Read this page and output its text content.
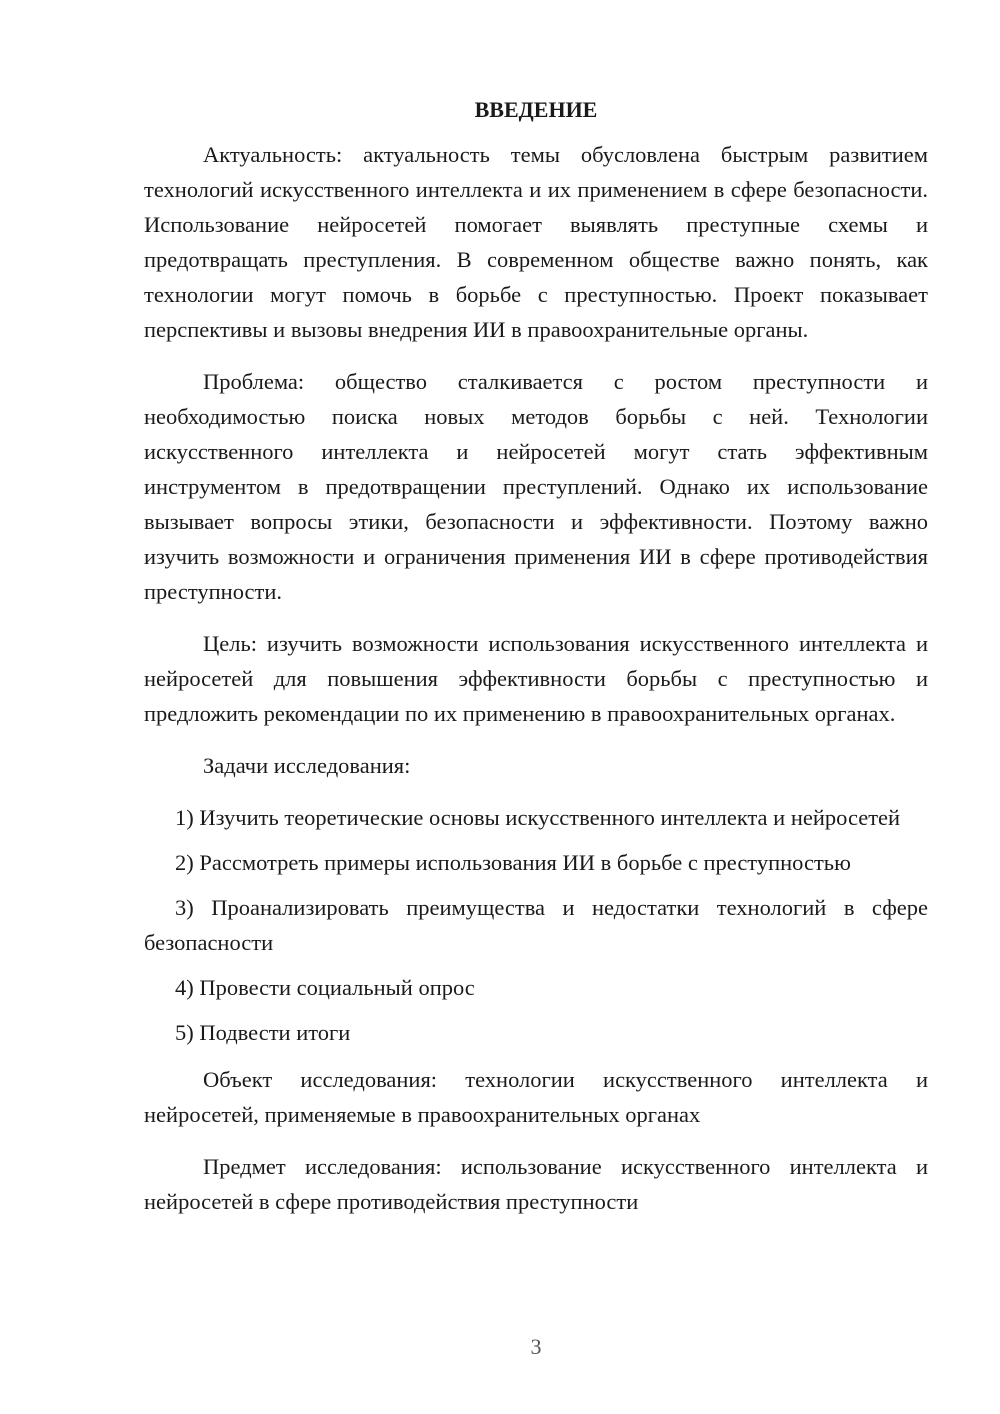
ВВЕДЕНИЕ

Актуальность: актуальность темы обусловлена быстрым развитием технологий искусственного интеллекта и их применением в сфере безопасности. Использование нейросетей помогает выявлять преступные схемы и предотвращать преступления. В современном обществе важно понять, как технологии могут помочь в борьбе с преступностью. Проект показывает перспективы и вызовы внедрения ИИ в правоохранительные органы.

Проблема: общество сталкивается с ростом преступности и необходимостью поиска новых методов борьбы с ней. Технологии искусственного интеллекта и нейросетей могут стать эффективным инструментом в предотвращении преступлений. Однако их использование вызывает вопросы этики, безопасности и эффективности. Поэтому важно изучить возможности и ограничения применения ИИ в сфере противодействия преступности.

Цель: изучить возможности использования искусственного интеллекта и нейросетей для повышения эффективности борьбы с преступностью и предложить рекомендации по их применению в правоохранительных органах.

Задачи исследования:

1) Изучить теоретические основы искусственного интеллекта и нейросетей

2) Рассмотреть примеры использования ИИ в борьбе с преступностью

3) Проанализировать преимущества и недостатки технологий в сфере безопасности

4) Провести социальный опрос

5) Подвести итоги

Объект исследования: технологии искусственного интеллекта и нейросетей, применяемые в правоохранительных органах

Предмет исследования: использование искусственного интеллекта и нейросетей в сфере противодействия преступности

3
